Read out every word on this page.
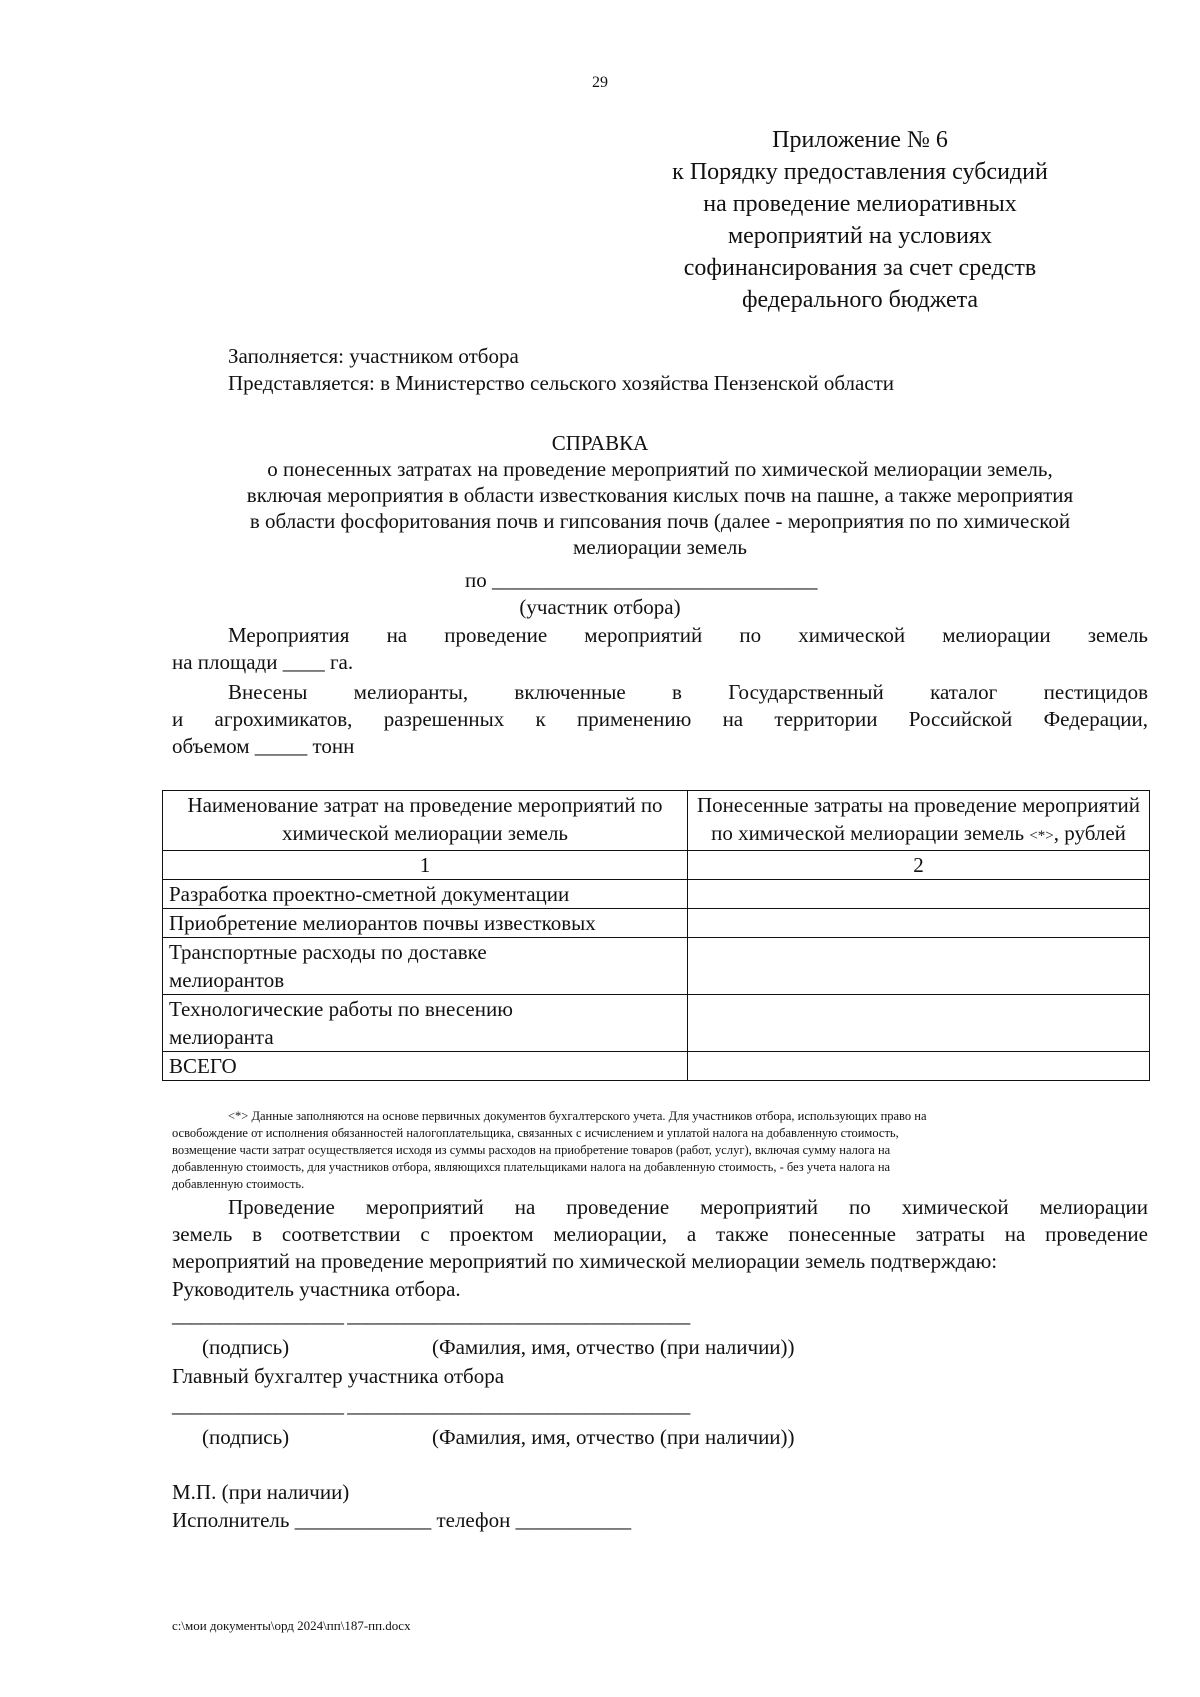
29
Приложение № 6
к Порядку предоставления субсидий
на проведение мелиоративных
мероприятий на условиях
софинансирования за счет средств
федерального бюджета
Заполняется: участником отбора
Представляется: в Министерство сельского хозяйства Пензенской области
СПРАВКА
о понесенных затратах на проведение мероприятий по химической мелиорации земель,
включая мероприятия в области известкования кислых почв на пашне, а также мероприятия
в области фосфоритования почв и гипсования почв (далее - мероприятия по по химической
мелиорации земель
по _______________________________
(участник отбора)
Мероприятия на проведение мероприятий по химической мелиорации земель
на площади ____ га.
Внесены мелиоранты, включенные в Государственный каталог пестицидов
и агрохимикатов, разрешенных к применению на территории Российской Федерации,
объемом _____ тонн
Наименование затрат на проведение мероприятий по химической мелиорации земель	Понесенные затраты на проведение мероприятий по химической мелиорации земель <*>, рублей
1	2
Разработка проектно-сметной документации	
Приобретение мелиорантов почвы известковых	
Транспортные расходы по доставке мелиорантов	
Технологические работы по внесению мелиоранта	
ВСЕГО	
<*> Данные заполняются на основе первичных документов бухгалтерского учета. Для участников отбора, использующих право на
освобождение от исполнения обязанностей налогоплательщика, связанных с исчислением и уплатой налога на добавленную стоимость,
возмещение части затрат осуществляется исходя из суммы расходов на приобретение товаров (работ, услуг), включая сумму налога на
добавленную стоимость, для участников отбора, являющихся плательщиками налога на добавленную стоимость, - без учета налога на
добавленную стоимость.
Проведение мероприятий на проведение мероприятий по химической мелиорации
земель в соответствии с проектом мелиорации, а также понесенные затраты на проведение
мероприятий на проведение мероприятий по химической мелиорации земель подтверждаю:
Руководитель участника отбора.
__________________ ____________________________________
(подпись)	(Фамилия, имя, отчество (при наличии))
Главный бухгалтер участника отбора
__________________ ____________________________________
(подпись)	(Фамилия, имя, отчество (при наличии))
М.П. (при наличии)
Исполнитель _____________ телефон ___________
с:\мои документы\орд 2024\пп\187-пп.docx
